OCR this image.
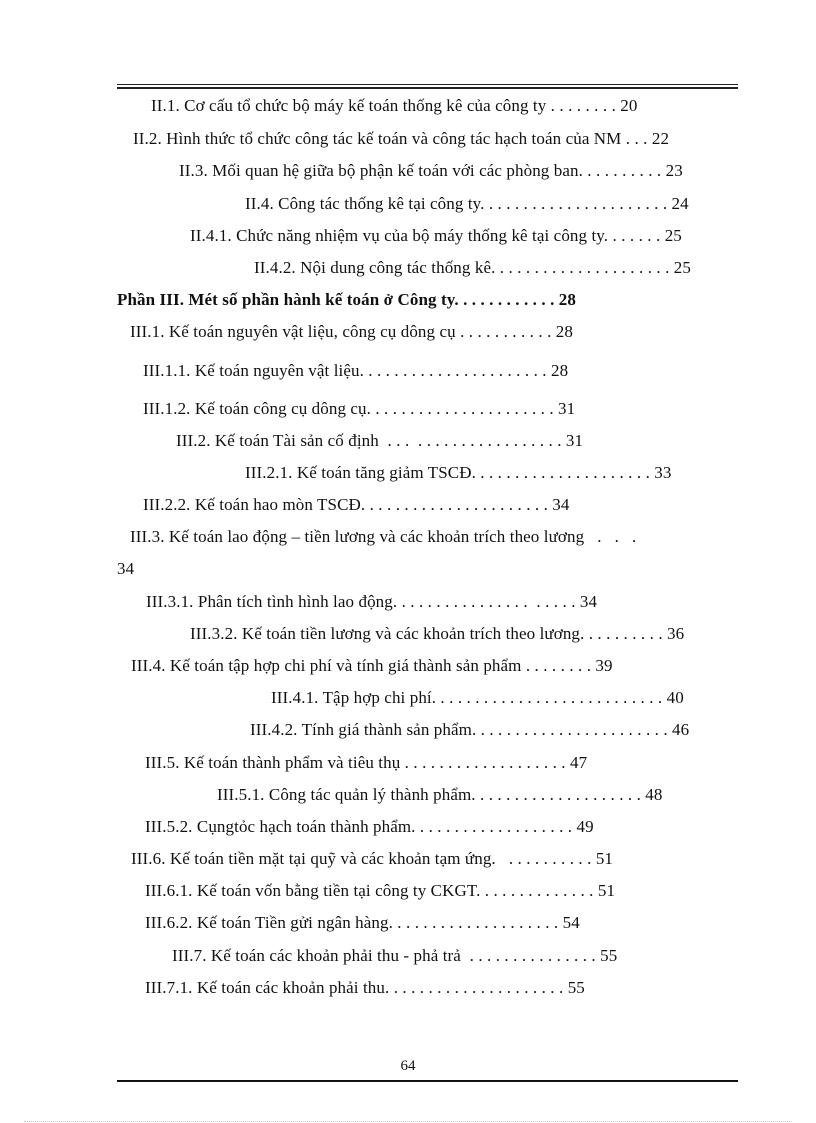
II.1. Cơ cấu tổ chức bộ máy kế toán thống kê của công ty . . . . . . . . 20
II.2. Hình thức tổ chức công tác kế toán và công tác hạch toán của NM . . . 22
II.3. Mối quan hệ giữa bộ phận kế toán với các phòng ban. . . . . . . . . . 23
II.4. Công tác thống kê tại công ty. . . . . . . . . . . . . . . . . . . . . . 24
II.4.1. Chức năng nhiệm vụ của bộ máy thống kê tại công ty. . . . . . . 25
II.4.2. Nội dung công tác thống kê. . . . . . . . . . . . . . . . . . . . . 25
Phần III. Mét số phần hành kế toán ở Công ty. . . . . . . . . . . . 28
III.1. Kế toán nguyên vật liệu, công cụ dông cụ . . . . . . . . . . . 28
III.1.1. Kế toán nguyên vật liệu. . . . . . . . . . . . . . . . . . . . . . 28
III.1.2. Kế toán công cụ dông cụ. . . . . . . . . . . . . . . . . . . . . . 31
III.2. Kế toán Tài sản cố định  . . .  . . . . . . . . . . . . . . . . . 31
III.2.1. Kế toán tăng giảm TSCĐ. . . . . . . . . . . . . . . . . . . . . 33
III.2.2. Kế toán hao mòn TSCĐ. . . . . . . . . . . . . . . . . . . . . . 34
III.3. Kế toán lao động – tiền lương và các khoản trích theo lương   .   .   .
34
III.3.1. Phân tích tình hình lao động. . . . . . . . . . . . . . . .  . . . . . 34
III.3.2. Kế toán tiền lương và các khoản trích theo lương. . . . . . . . . . 36
III.4. Kế toán tập hợp chi phí và tính giá thành sản phẩm . . . . . . . . 39
III.4.1. Tập hợp chi phí. . . . . . . . . . . . . . . . . . . . . . . . . . . 40
III.4.2. Tính giá thành sản phẩm. . . . . . . . . . . . . . . . . . . . . . . 46
III.5. Kế toán thành phẩm và tiêu thụ . . . . . . . . . . . . . . . . . . . 47
III.5.1. Công tác quản lý thành phẩm. . . . . . . . . . . . . . . . . . . . 48
III.5.2. Cụngtỏc hạch toán thành phẩm. . . . . . . . . . . . . . . . . . . 49
III.6. Kế toán tiền mặt tại quỹ và các khoản tạm ứng.   . . . . . . . . . . 51
III.6.1. Kế toán vốn bằng tiền tại công ty CKGT. . . . . . . . . . . . . . 51
III.6.2. Kế toán Tiền gửi ngân hàng. . . . . . . . . . . . . . . . . . . . 54
III.7. Kế toán các khoản phải thu - phả trả  . . . . . . . . . . . . . . . 55
III.7.1. Kế toán các khoản phải thu. . . . . . . . . . . . . . . . . . . . . 55
64
